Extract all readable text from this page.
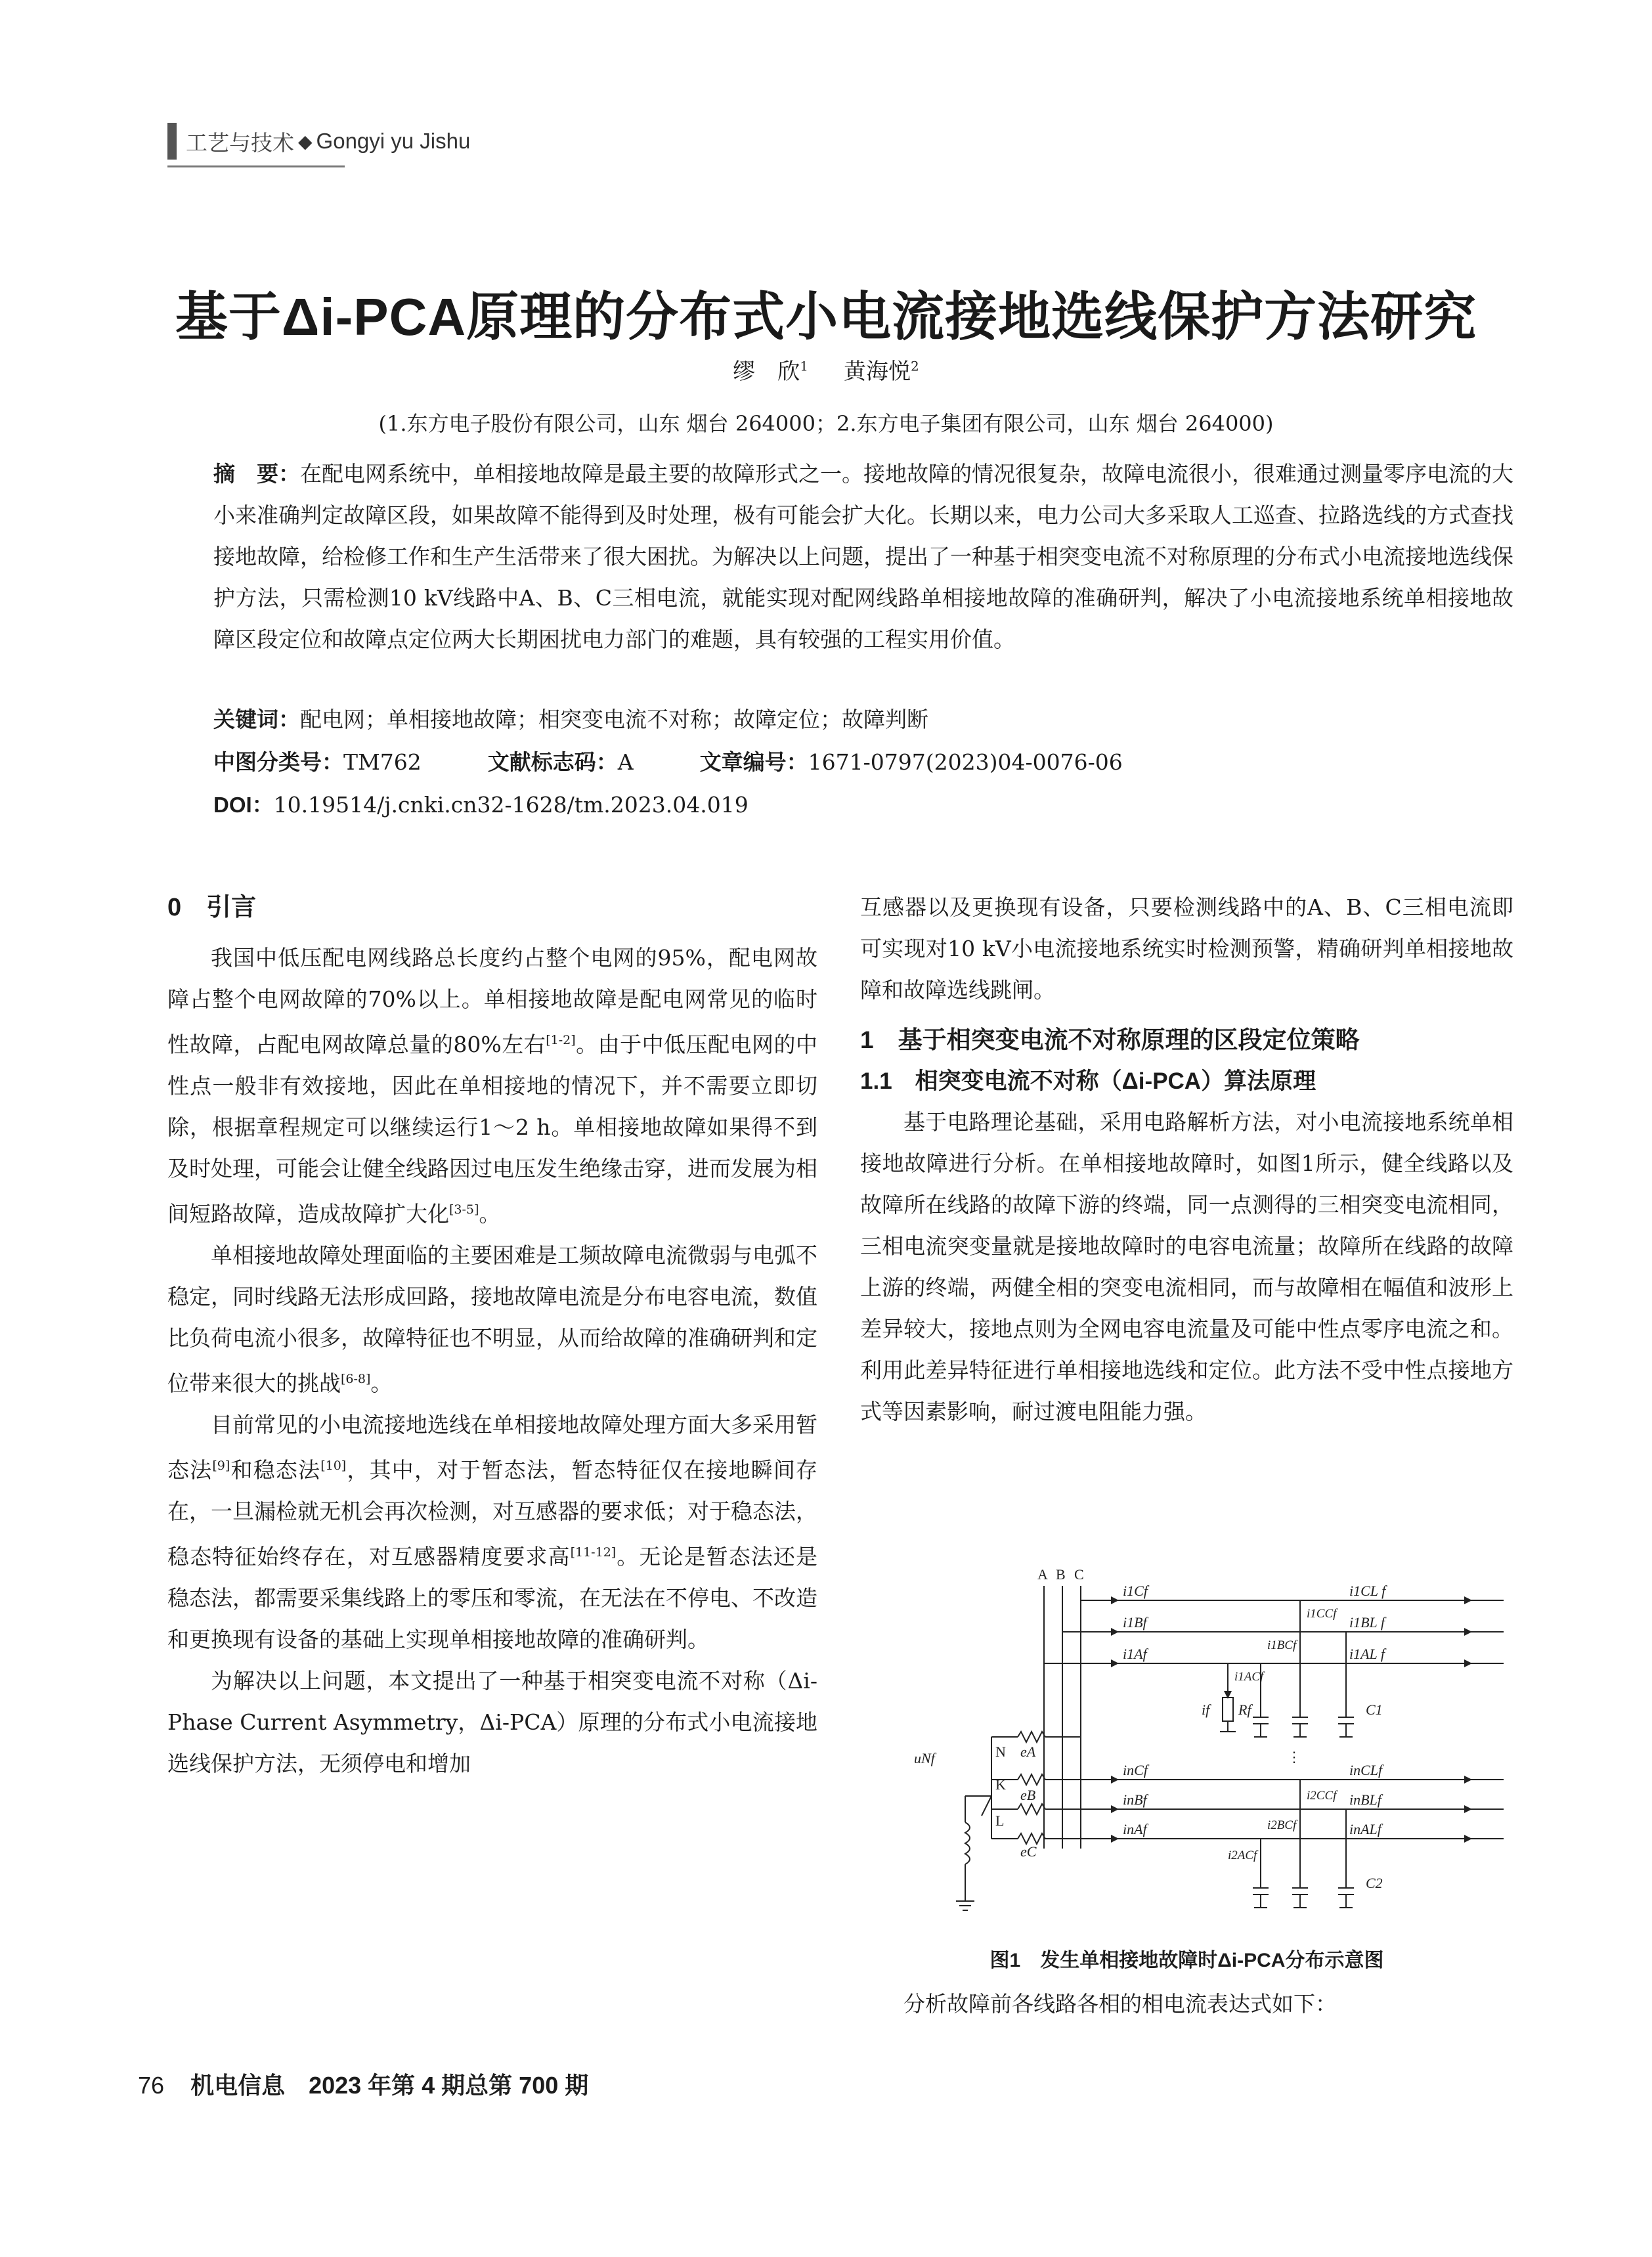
工艺与技术 ◆ Gongyi yu Jishu
基于Δi-PCA原理的分布式小电流接地选线保护方法研究
缪　欣$^1$ 黄海悦$^2$
(1.东方电子股份有限公司，山东 烟台 264000；2.东方电子集团有限公司，山东 烟台 264000)
摘　要：在配电网系统中，单相接地故障是最主要的故障形式之一。接地故障的情况很复杂，故障电流很小，很难通过测量零序电流的大小来准确判定故障区段，如果故障不能得到及时处理，极有可能会扩大化。长期以来，电力公司大多采取人工巡查、拉路选线的方式查找接地故障，给检修工作和生产生活带来了很大困扰。为解决以上问题，提出了一种基于相突变电流不对称原理的分布式小电流接地选线保护方法，只需检测10 kV线路中A、B、C三相电流，就能实现对配网线路单相接地故障的准确研判，解决了小电流接地系统单相接地故障区段定位和故障点定位两大长期困扰电力部门的难题，具有较强的工程实用价值。
关键词：配电网；单相接地故障；相突变电流不对称；故障定位；故障判断
中图分类号：TM762	文献标志码：A	文章编号：1671-0797(2023)04-0076-06
DOI：10.19514/j.cnki.cn32-1628/tm.2023.04.019
0　引言

我国中低压配电网线路总长度约占整个电网的95%，配电网故障占整个电网故障的70%以上。单相接地故障是配电网常见的临时性故障，占配电网故障总量的80%左右[1-2]。由于中低压配电网的中性点一般非有效接地，因此在单相接地的情况下，并不需要立即切除，根据章程规定可以继续运行1～2 h。单相接地故障如果得不到及时处理，可能会让健全线路因过电压发生绝缘击穿，进而发展为相间短路故障，造成故障扩大化[3-5]。

单相接地故障处理面临的主要困难是工频故障电流微弱与电弧不稳定，同时线路无法形成回路，接地故障电流是分布电容电流，数值比负荷电流小很多，故障特征也不明显，从而给故障的准确研判和定位带来很大的挑战[6-8]。

目前常见的小电流接地选线在单相接地故障处理方面大多采用暂态法[9]和稳态法[10]，其中，对于暂态法，暂态特征仅在接地瞬间存在，一旦漏检就无机会再次检测，对互感器的要求低；对于稳态法，稳态特征始终存在，对互感器精度要求高[11-12]。无论是暂态法还是稳态法，都需要采集线路上的零压和零流，在无法在不停电、不改造和更换现有设备的基础上实现单相接地故障的准确研判。

为解决以上问题，本文提出了一种基于相突变电流不对称（Δi-Phase Current Asymmetry，Δi-PCA）原理的分布式小电流接地选线保护方法，无须停电和增加

互感器以及更换现有设备，只要检测线路中的A、B、C三相电流即可实现对10 kV小电流接地系统实时检测预警，精确研判单相接地故障和故障选线跳闸。

1　基于相突变电流不对称原理的区段定位策略
1.1　相突变电流不对称（Δi-PCA）算法原理

基于电路理论基础，采用电路解析方法，对小电流接地系统单相接地故障进行分析。在单相接地故障时，如图1所示，健全线路以及故障所在线路的故障下游的终端，同一点测得的三相突变电流相同，三相电流突变量就是接地故障时的电容电流量；故障所在线路的故障上游的终端，两健全相的突变电流相同，而与故障相在幅值和波形上差异较大，接地点则为全网电容电流量及可能中性点零序电流之和。利用此差异特征进行单相接地选线和定位。此方法不受中性点接地方式等因素影响，耐过渡电阻能力强。

A B C
i1Cf
i1Bf
i1Af
i1CL f
i1BL f
i1AL f
i1CCf
i1BCf
i1ACf
if Rf	C1
⋮
uNf	N
K
L
eA
eB
eC
inCf
inBf
inAf
inCLf
inBLf
inALf
i2CCf
i2BCf
i2ACf
C2
图1　发生单相接地故障时Δi-PCA分布示意图

分析故障前各线路各相的相电流表达式如下：

76 机电信息　2023 年第 4 期总第 700 期
